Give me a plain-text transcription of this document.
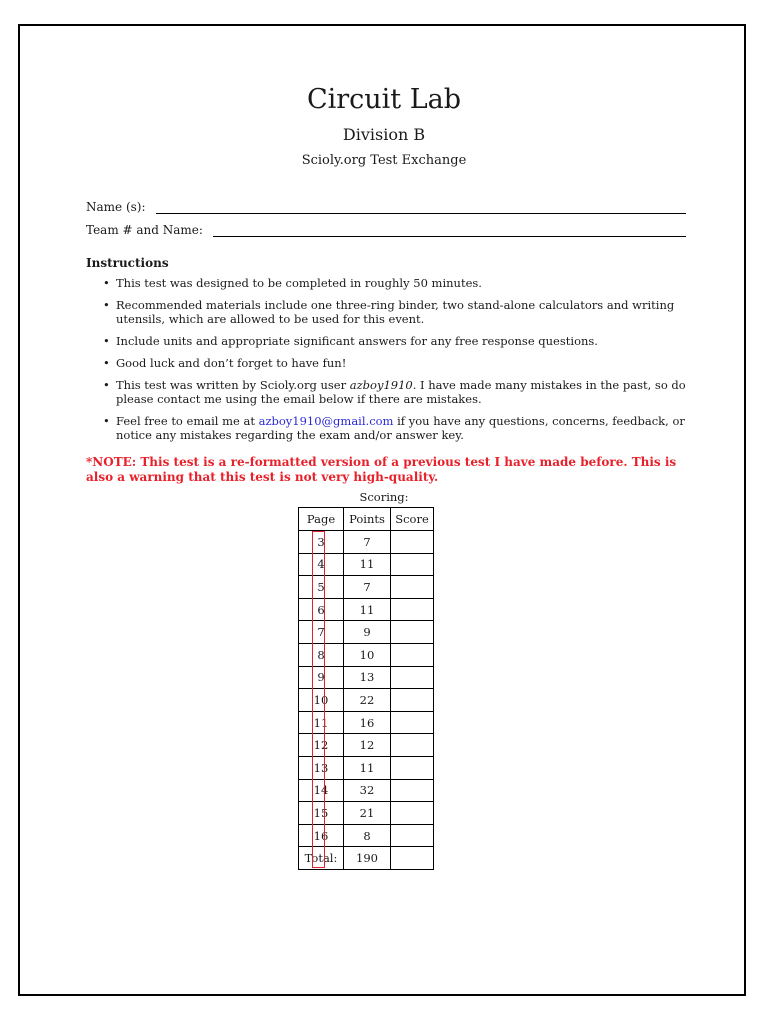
Circuit Lab
Division B
Scioly.org Test Exchange
Name (s):
Team # and Name:
Instructions
• This test was designed to be completed in roughly 50 minutes.
• Recommended materials include one three-ring binder, two stand-alone calculators and writing utensils, which are allowed to be used for this event.
• Include units and appropriate significant answers for any free response questions.
• Good luck and don’t forget to have fun!
• This test was written by Scioly.org user azboy1910. I have made many mistakes in the past, so do please contact me using the email below if there are mistakes.
• Feel free to email me at azboy1910@gmail.com if you have any questions, concerns, feedback, or notice any mistakes regarding the exam and/or answer key.
*NOTE: This test is a re-formatted version of a previous test I have made before. This is also a warning that this test is not very high-quality.
Scoring:
Page	Points	Score
3	7	
4	11	
5	7	
6	11	
7	9	
8	10	
9	13	
10	22	
11	16	
12	12	
13	11	
14	32	
15	21	
16	8	
Total:	190	
